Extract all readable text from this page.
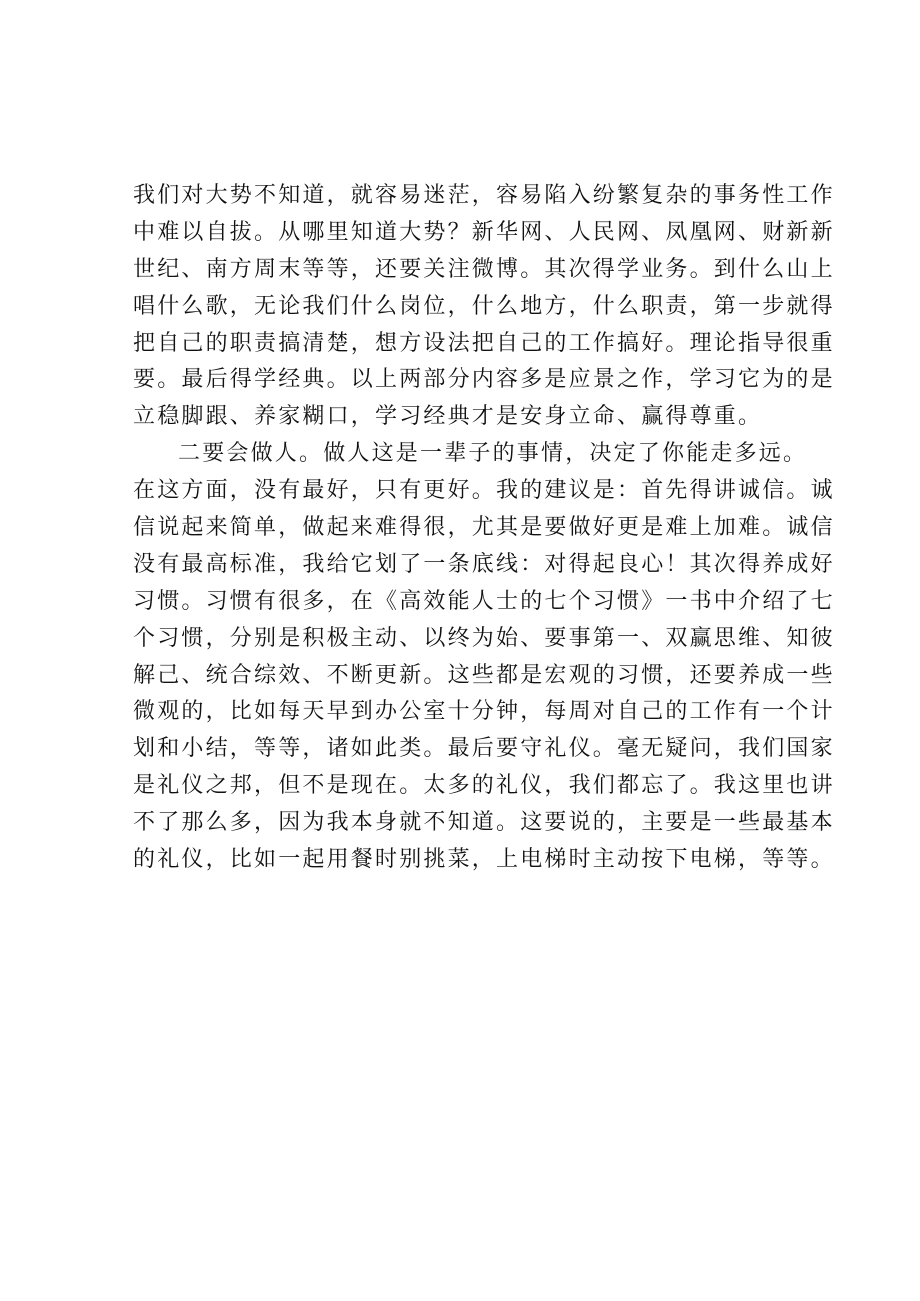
我们对大势不知道，就容易迷茫，容易陷入纷繁复杂的事务性工作
中难以自拔。从哪里知道大势？新华网、人民网、凤凰网、财新新
世纪、南方周末等等，还要关注微博。其次得学业务。到什么山上
唱什么歌，无论我们什么岗位，什么地方，什么职责，第一步就得
把自己的职责搞清楚，想方设法把自己的工作搞好。理论指导很重
要。最后得学经典。以上两部分内容多是应景之作，学习它为的是
立稳脚跟、养家糊口，学习经典才是安身立命、赢得尊重。
二要会做人。做人这是一辈子的事情，决定了你能走多远。
在这方面，没有最好，只有更好。我的建议是：首先得讲诚信。诚
信说起来简单，做起来难得很，尤其是要做好更是难上加难。诚信
没有最高标准，我给它划了一条底线：对得起良心！其次得养成好
习惯。习惯有很多，在《高效能人士的七个习惯》一书中介绍了七
个习惯，分别是积极主动、以终为始、要事第一、双赢思维、知彼
解己、统合综效、不断更新。这些都是宏观的习惯，还要养成一些
微观的，比如每天早到办公室十分钟，每周对自己的工作有一个计
划和小结，等等，诸如此类。最后要守礼仪。毫无疑问，我们国家
是礼仪之邦，但不是现在。太多的礼仪，我们都忘了。我这里也讲
不了那么多，因为我本身就不知道。这要说的，主要是一些最基本
的礼仪，比如一起用餐时别挑菜，上电梯时主动按下电梯，等等。
